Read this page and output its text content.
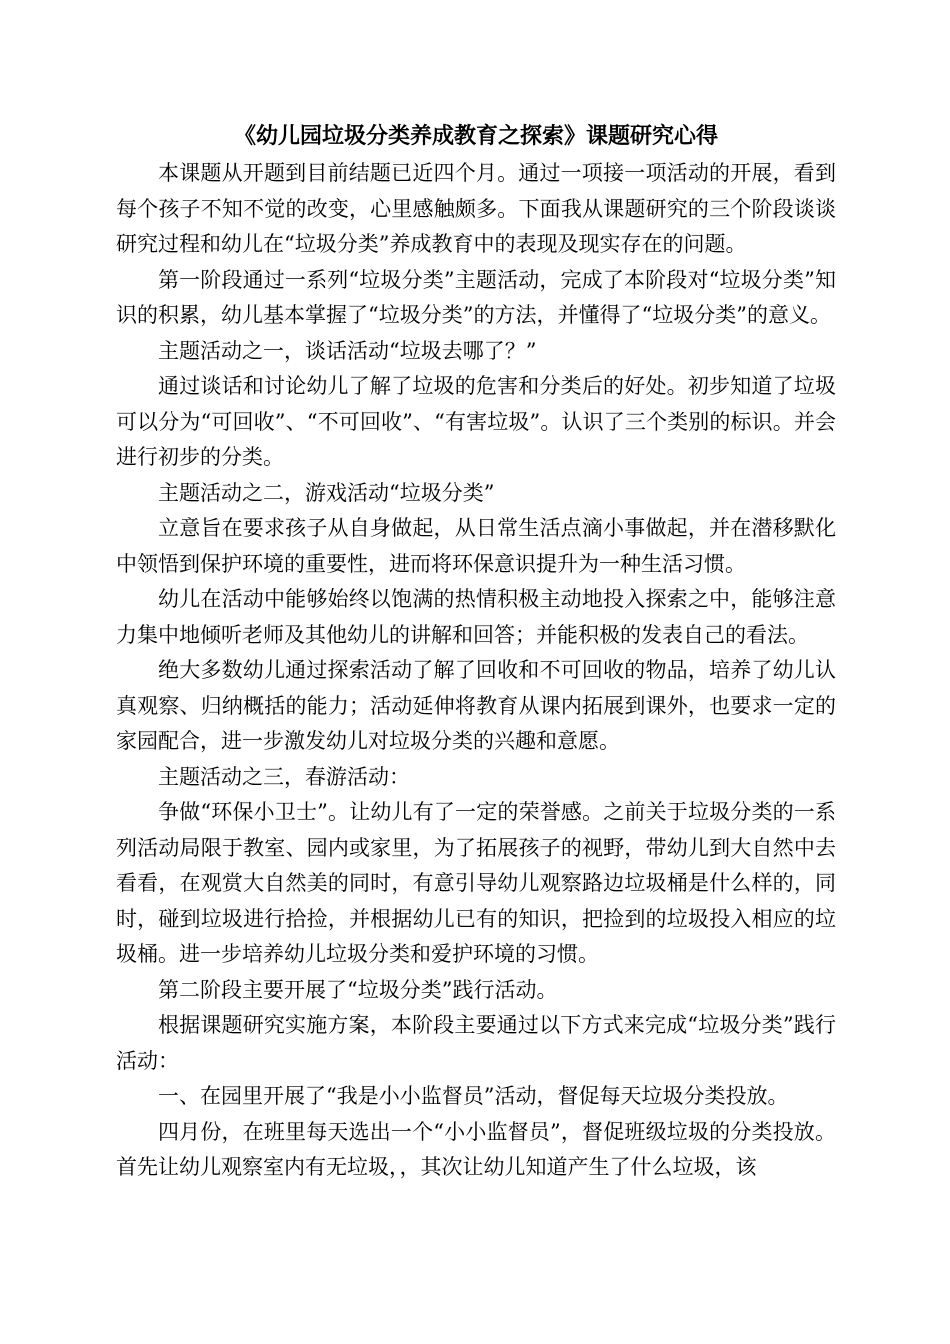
《幼儿园垃圾分类养成教育之探索》课题研究心得

本课题从开题到目前结题已近四个月。通过一项接一项活动的开展，看到每个孩子不知不觉的改变，心里感触颇多。下面我从课题研究的三个阶段谈谈研究过程和幼儿在“垃圾分类”养成教育中的表现及现实存在的问题。

第一阶段通过一系列“垃圾分类”主题活动，完成了本阶段对“垃圾分类”知识的积累，幼儿基本掌握了“垃圾分类”的方法，并懂得了“垃圾分类”的意义。

主题活动之一，谈话活动“垃圾去哪了？”

通过谈话和讨论幼儿了解了垃圾的危害和分类后的好处。初步知道了垃圾可以分为“可回收”、“不可回收”、“有害垃圾”。认识了三个类别的标识。并会进行初步的分类。

主题活动之二，游戏活动“垃圾分类”

立意旨在要求孩子从自身做起，从日常生活点滴小事做起，并在潜移默化中领悟到保护环境的重要性，进而将环保意识提升为一种生活习惯。

幼儿在活动中能够始终以饱满的热情积极主动地投入探索之中，能够注意力集中地倾听老师及其他幼儿的讲解和回答；并能积极的发表自己的看法。

绝大多数幼儿通过探索活动了解了回收和不可回收的物品，培养了幼儿认真观察、归纳概括的能力；活动延伸将教育从课内拓展到课外，也要求一定的家园配合，进一步激发幼儿对垃圾分类的兴趣和意愿。

主题活动之三，春游活动：

争做“环保小卫士”。让幼儿有了一定的荣誉感。之前关于垃圾分类的一系列活动局限于教室、园内或家里，为了拓展孩子的视野，带幼儿到大自然中去看看，在观赏大自然美的同时，有意引导幼儿观察路边垃圾桶是什么样的，同时，碰到垃圾进行拾捡，并根据幼儿已有的知识，把捡到的垃圾投入相应的垃圾桶。进一步培养幼儿垃圾分类和爱护环境的习惯。

第二阶段主要开展了“垃圾分类”践行活动。

根据课题研究实施方案，本阶段主要通过以下方式来完成“垃圾分类”践行活动：

一、在园里开展了“我是小小监督员”活动，督促每天垃圾分类投放。

四月份，在班里每天选出一个“小小监督员”，督促班级垃圾的分类投放。首先让幼儿观察室内有无垃圾，，其次让幼儿知道产生了什么垃圾，该
